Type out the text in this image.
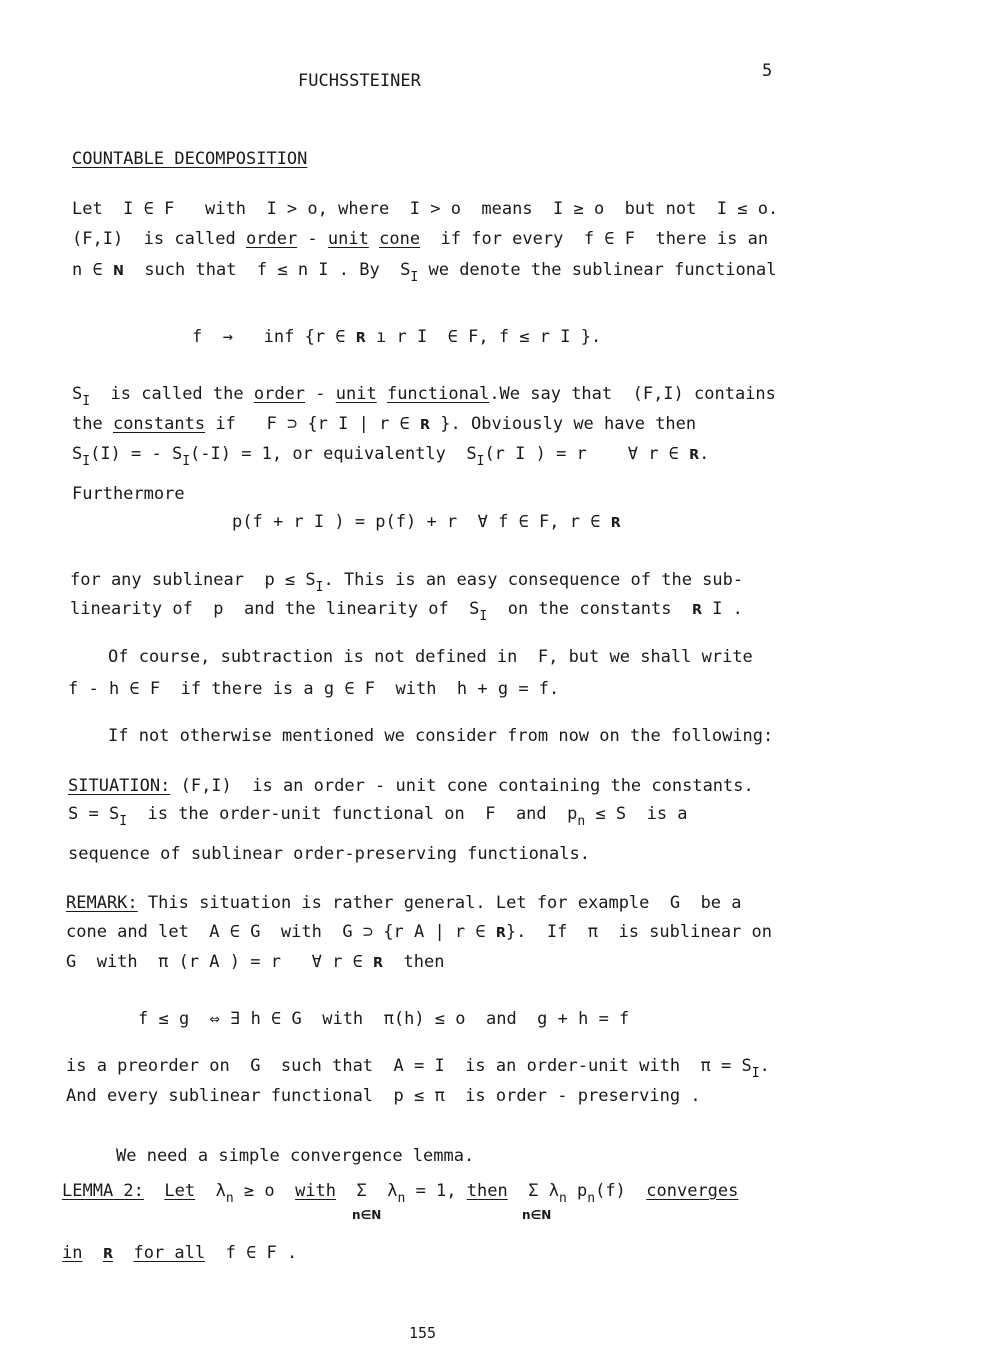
FUCHSSTEINER	5
COUNTABLE DECOMPOSITION
Let  I ∈ F   with  I > o, where  I > o  means  I ≥ o  but not  I ≤ o.
(F,I)  is called order - unit cone  if for every  f ∈ F  there is an
n ∈ N  such that  f ≤ n I . By  $S_I$ we denote the sublinear functional
f  →   inf {r ∈ R ı r I  ∈ F, f ≤ r I }.
$S_I$  is called the order - unit functional.We say that  (F,I) contains
the constants if   F ⊃ {r I | r ∈ R }. Obviously we have then
$S_I(I)$ = - $S_I(-I) = 1$, or equivalently  $S_I(r$ I ) = r    ∀ r ∈ R.
Furthermore
p(f + r I ) = p(f) + r  ∀ f ∈ F, r ∈ R
for any sublinear  $p \le S_I$. This is an easy consequence of the sub-
linearity of  p  and the linearity of  $S_I$  on the constants  R I .
Of course, subtraction is not defined in  F, but we shall write
f - h ∈ F  if there is a g ∈ F  with  h + g = f.
If not otherwise mentioned we consider from now on the following:
SITUATION: (F,I)  is an order - unit cone containing the constants.
$S = S_I$  is the order-unit functional on  F  and  $p_n \le S$  is a
sequence of sublinear order-preserving functionals.
REMARK: This situation is rather general. Let for example  G  be a
cone and let  A ∈ G  with  G ⊃ {r A | r ∈ R}.  If  π  is sublinear on
G  with  π (r A ) = r   ∀ r ∈ R  then
f ≤ g  ⇔ ∃ h ∈ G  with  π(h) ≤ o  and  g + h = f
is a preorder on  G  such that  A = I  is an order-unit with  $\pi = S_I$.
And every sublinear functional  p ≤ π  is order - preserving .
We need a simple convergence lemma.
LEMMA 2: Let $\lambda_n \ge o$  with Σ $\lambda_n = 1$, then Σ $\lambda_n$ $p_n(f)$  converges
n∈N	n∈N
in R for all  f ∈ F .
155
